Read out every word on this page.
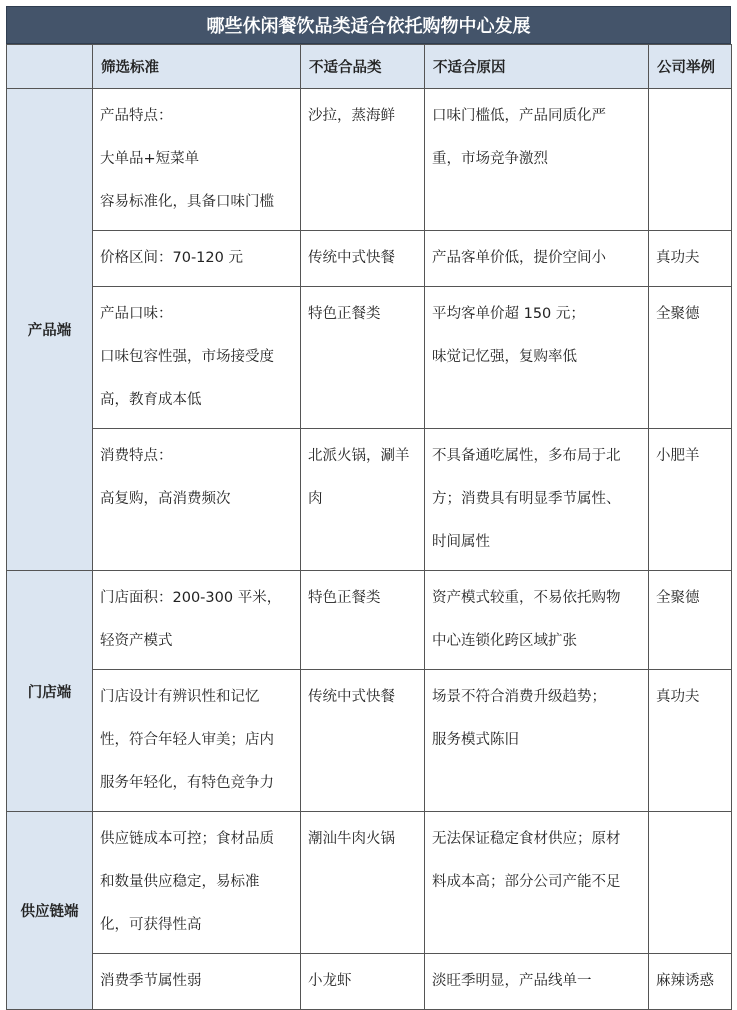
哪些休闲餐饮品类适合依托购物中心发展
	筛选标准	不适合品类	不适合原因	公司举例
产品端	产品特点：
大单品+短菜单
容易标准化，具备口味门槛	沙拉，蒸海鲜	口味门槛低，产品同质化严
重，市场竞争激烈	

	价格区间：70-120 元	传统中式快餐	产品客单价低，提价空间小	真功夫

	产品口味：
口味包容性强，市场接受度
高，教育成本低	特色正餐类	平均客单价超 150 元；
味觉记忆强，复购率低	全聚德

	消费特点：
高复购，高消费频次	北派火锅，涮羊
肉	不具备通吃属性，多布局于北
方；消费具有明显季节属性、
时间属性	小肥羊

门店端	门店面积：200-300 平米，
轻资产模式	特色正餐类	资产模式较重，不易依托购物
中心连锁化跨区域扩张	全聚德

	门店设计有辨识性和记忆
性，符合年轻人审美；店内
服务年轻化，有特色竞争力	传统中式快餐	场景不符合消费升级趋势；
服务模式陈旧	真功夫

供应链端	供应链成本可控；食材品质
和数量供应稳定，易标准
化，可获得性高	潮汕牛肉火锅	无法保证稳定食材供应；原材
料成本高；部分公司产能不足	

	消费季节属性弱	小龙虾	淡旺季明显，产品线单一	麻辣诱惑
